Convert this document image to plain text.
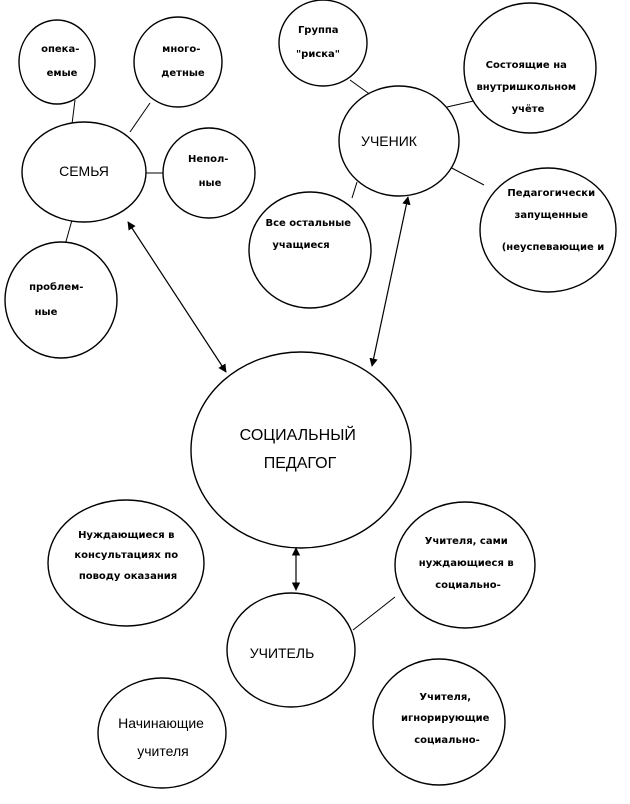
опека- емые
много- детные
СЕМЬЯ
Непол- ные
проблем- ные
Группа "риска"
Состоящие на внутришкольном учёте
УЧЕНИК
Педагогически запущенные (неуспевающие и
Все остальные учащиеся
СОЦИАЛЬНЫЙ ПЕДАГОГ
Нуждающиеся в консультациях по поводу оказания
Учителя, сами нуждающиеся в социально-
УЧИТЕЛЬ
Учителя, игнорирующие социально-
Начинающие учителя
